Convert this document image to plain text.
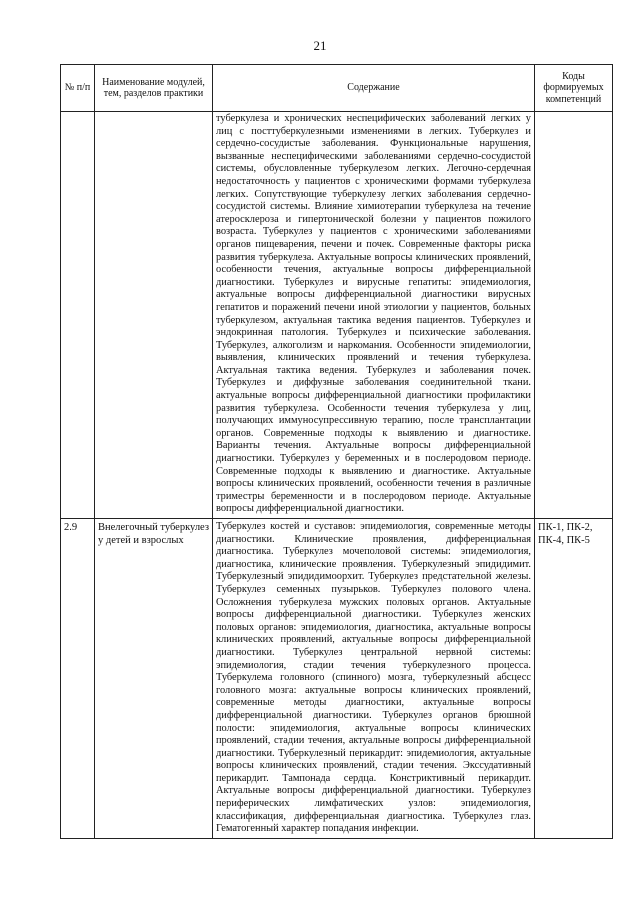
21
№ п/п	Наименование модулей, тем, разделов практики	Содержание	Коды формируемых компетенций
		туберкулеза и хронических неспецифических заболеваний легких у лиц с посттуберкулезными изменениями в легких. Туберкулез и сердечно-сосудистые заболевания. Функциональные нарушения, вызванные неспецифическими заболеваниями сердечно-сосудистой системы, обусловленные туберкулезом легких. Легочно-сердечная недостаточность у пациентов с хроническими формами туберкулеза легких. Сопутствующие туберкулезу легких заболевания сердечно-сосудистой системы. Влияние химиотерапии туберкулеза на течение атеросклероза и гипертонической болезни у пациентов пожилого возраста. Туберкулез у пациентов с хроническими заболеваниями органов пищеварения, печени и почек. Современные факторы риска развития туберкулеза. Актуальные вопросы клинических проявлений, особенности течения, актуальные вопросы дифференциальной диагностики. Туберкулез и вирусные гепатиты: эпидемиология, актуальные вопросы дифференциальной диагностики вирусных гепатитов и поражений печени иной этиологии у пациентов, больных туберкулезом, актуальная тактика ведения пациентов. Туберкулез и эндокринная патология. Туберкулез и психические заболевания. Туберкулез, алкоголизм и наркомания. Особенности эпидемиологии, выявления, клинических проявлений и течения туберкулеза. Актуальная тактика ведения. Туберкулез и заболевания почек. Туберкулез и диффузные заболевания соединительной ткани. актуальные вопросы дифференциальной диагностики профилактики развития туберкулеза. Особенности течения туберкулеза у лиц, получающих иммуносупрессивную терапию, после трансплантации органов. Современные подходы к выявлению и диагностике. Варианты течения. Актуальные вопросы дифференциальной диагностики. Туберкулез у беременных и в послеродовом периоде. Современные подходы к выявлению и диагностике. Актуальные вопросы клинических проявлений, особенности течения в различные триместры беременности и в послеродовом периоде. Актуальные вопросы дифференциальной диагностики.	
2.9	Внелегочный туберкулез у детей и взрослых	Туберкулез костей и суставов: эпидемиология, современные методы диагностики. Клинические проявления, дифференциальная диагностика. Туберкулез мочеполовой системы: эпидемиология, диагностика, клинические проявления. Туберкулезный эпидидимит. Туберкулезный эпидидимоорхит. Туберкулез предстательной железы. Туберкулез семенных пузырьков. Туберкулез полового члена. Осложнения туберкулеза мужских половых органов. Актуальные вопросы дифференциальной диагностики. Туберкулез женских половых органов: эпидемиология, диагностика, актуальные вопросы клинических проявлений, актуальные вопросы дифференциальной диагностики. Туберкулез центральной нервной системы: эпидемиология, стадии течения туберкулезного процесса. Туберкулема головного (спинного) мозга, туберкулезный абсцесс головного мозга: актуальные вопросы клинических проявлений, современные методы диагностики, актуальные вопросы дифференциальной диагностики. Туберкулез органов брюшной полости: эпидемиология, актуальные вопросы клинических проявлений, стадии течения, актуальные вопросы дифференциальной диагностики. Туберкулезный перикардит: эпидемиология, актуальные вопросы клинических проявлений, стадии течения. Экссудативный перикардит. Тампонада сердца. Констриктивный перикардит. Актуальные вопросы дифференциальной диагностики. Туберкулез периферических лимфатических узлов: эпидемиология, классификация, дифференциальная диагностика. Туберкулез глаз. Гематогенный характер попадания инфекции.	ПК-1, ПК-2, ПК-4, ПК-5
